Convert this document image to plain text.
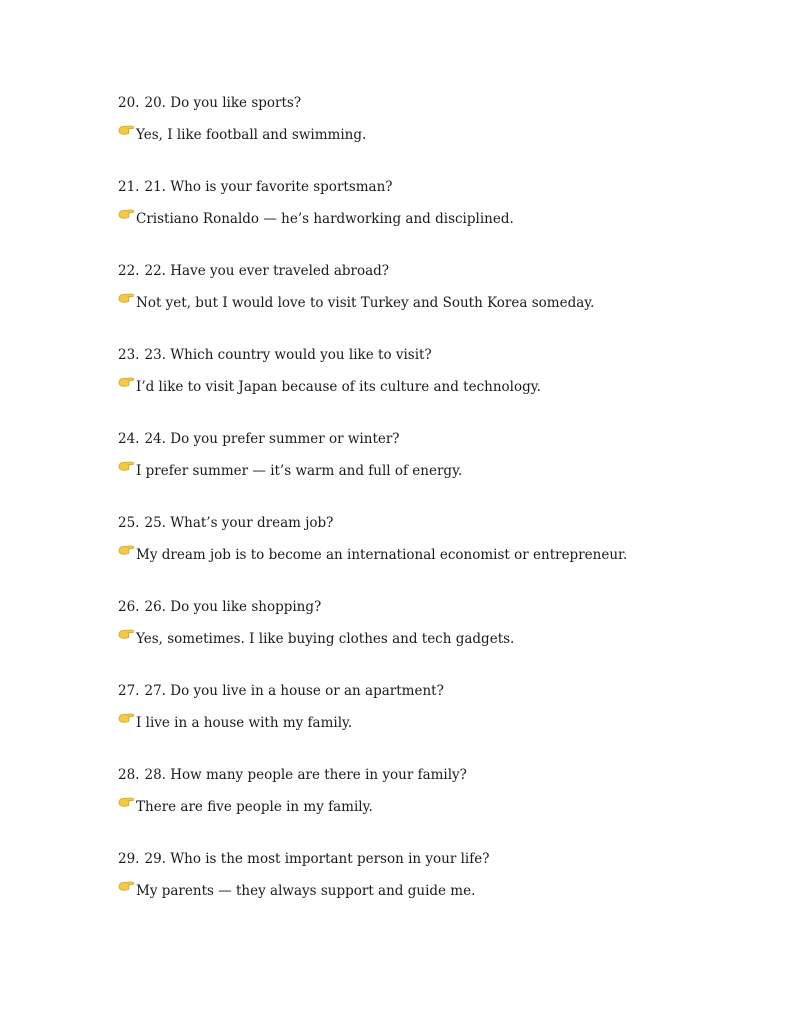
20. 20. Do you like sports?
Yes, I like football and swimming.
21. 21. Who is your favorite sportsman?
Cristiano Ronaldo — he’s hardworking and disciplined.
22. 22. Have you ever traveled abroad?
Not yet, but I would love to visit Turkey and South Korea someday.
23. 23. Which country would you like to visit?
I’d like to visit Japan because of its culture and technology.
24. 24. Do you prefer summer or winter?
I prefer summer — it’s warm and full of energy.
25. 25. What’s your dream job?
My dream job is to become an international economist or entrepreneur.
26. 26. Do you like shopping?
Yes, sometimes. I like buying clothes and tech gadgets.
27. 27. Do you live in a house or an apartment?
I live in a house with my family.
28. 28. How many people are there in your family?
There are five people in my family.
29. 29. Who is the most important person in your life?
My parents — they always support and guide me.
